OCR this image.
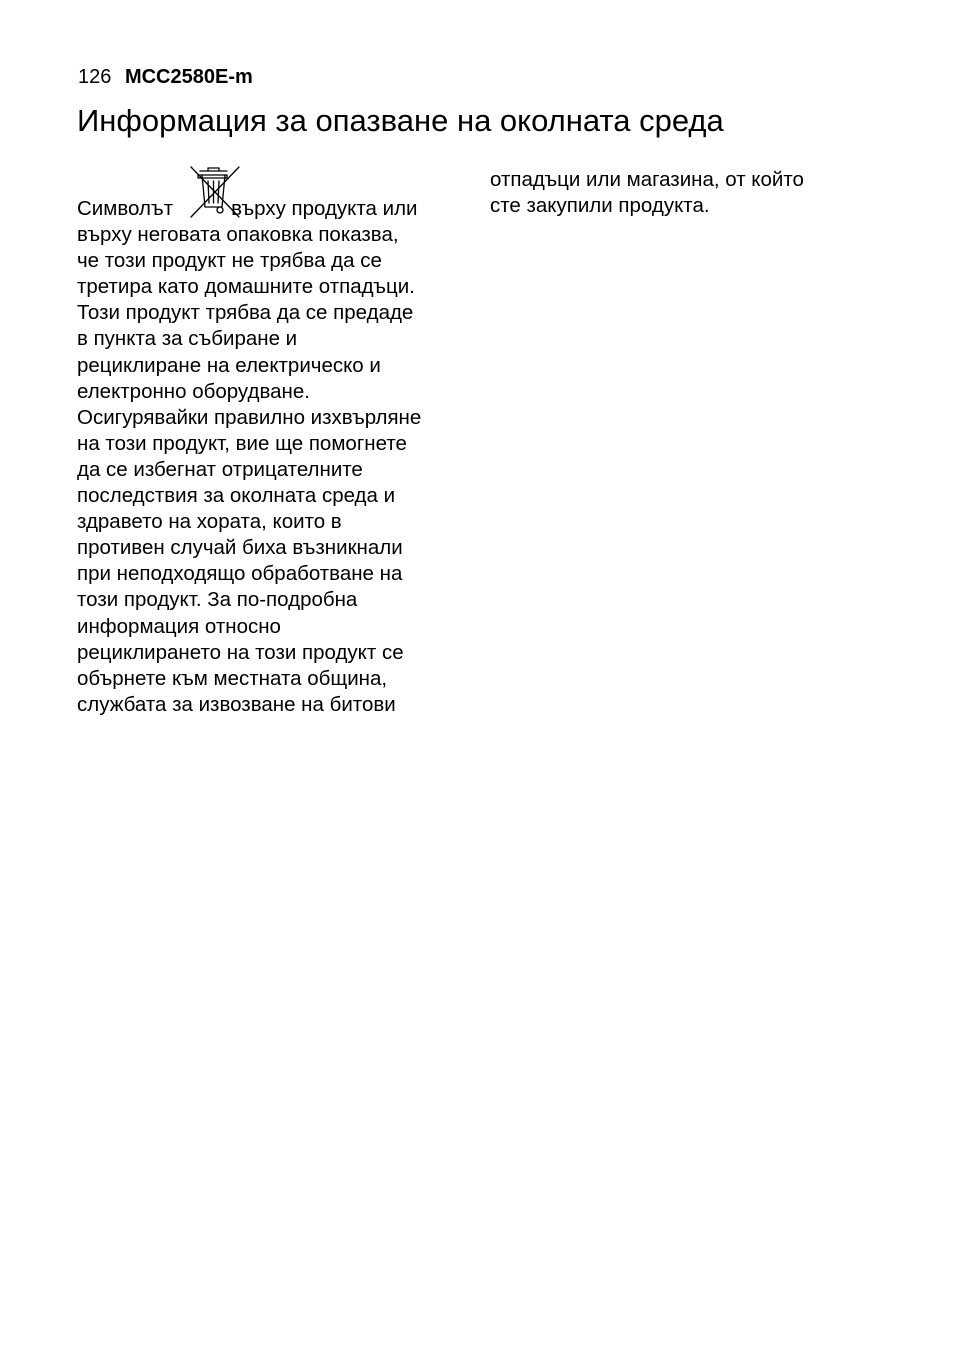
126 MCC2580E-m
Информация за опазване на околната среда
Символът	върху продукта или
върху неговата опаковка показва,
че този продукт не трябва да се
третира като домашните отпадъци.
Този продукт трябва да се предаде
в пункта за събиране и
рециклиране на електрическо и
електронно оборудване.
Осигурявайки правилно изхвърляне
на този продукт, вие ще помогнете
да се избегнат отрицателните
последствия за околната среда и
здравето на хората, които в
противен случай биха възникнали
при неподходящо обработване на
този продукт. За по-подробна
информация относно
рециклирането на този продукт се
обърнете към местната община,
службата за извозване на битови
отпадъци или магазина, от който
сте закупили продукта.
